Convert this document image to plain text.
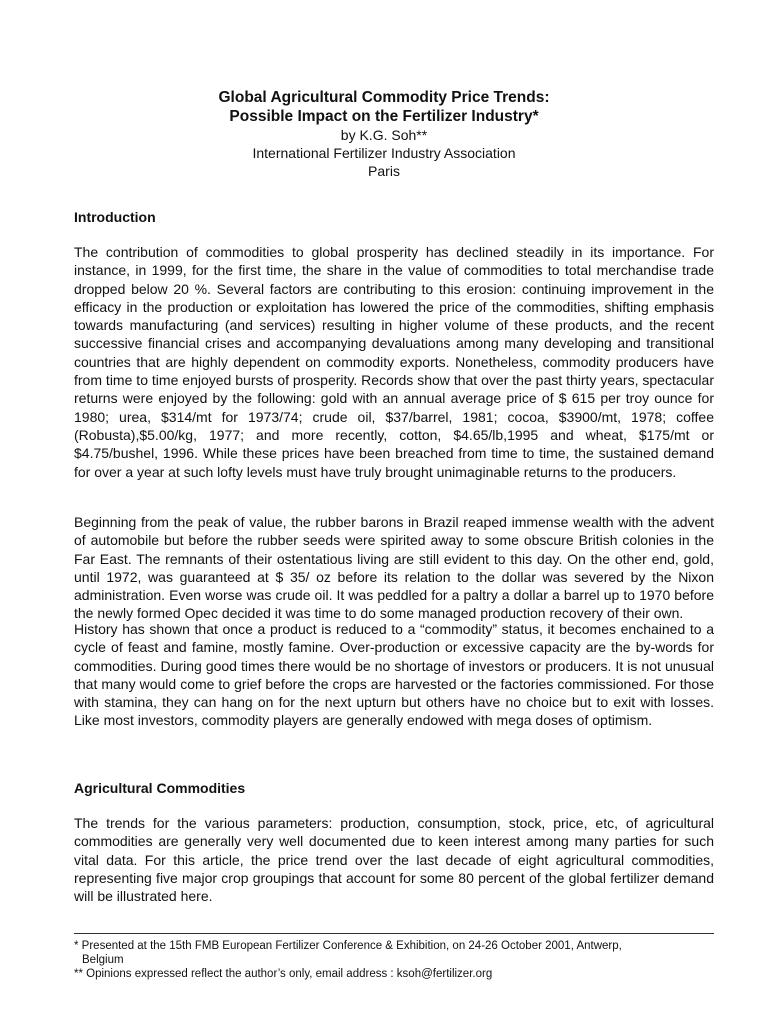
Global Agricultural Commodity Price Trends:
Possible Impact on the Fertilizer Industry*
by K.G. Soh**
International Fertilizer Industry Association
Paris
Introduction

The contribution of commodities to global prosperity has declined steadily in its importance. For instance, in 1999, for the first time, the share in the value of commodities to total merchandise trade dropped below 20 %. Several factors are contributing to this erosion: continuing improvement in the efficacy in the production or exploitation has lowered the price of the commodities, shifting emphasis towards manufacturing (and services) resulting in higher volume of these products, and the recent successive financial crises and accompanying devaluations among many developing and transitional countries that are highly dependent on commodity exports. Nonetheless, commodity producers have from time to time enjoyed bursts of prosperity. Records show that over the past thirty years, spectacular returns were enjoyed by the following: gold with an annual average price of $ 615 per troy ounce for 1980; urea, $314/mt for 1973/74; crude oil, $37/barrel, 1981; cocoa, $3900/mt, 1978; coffee (Robusta),$5.00/kg, 1977; and more recently, cotton, $4.65/lb,1995 and wheat, $175/mt or $4.75/bushel, 1996. While these prices have been breached from time to time, the sustained demand for over a year at such lofty levels must have truly brought unimaginable returns to the producers.

Beginning from the peak of value, the rubber barons in Brazil reaped immense wealth with the advent of automobile but before the rubber seeds were spirited away to some obscure British colonies in the Far East. The remnants of their ostentatious living are still evident to this day. On the other end, gold, until 1972, was guaranteed at $ 35/ oz before its relation to the dollar was severed by the Nixon administration. Even worse was crude oil. It was peddled for a paltry a dollar a barrel up to 1970 before the newly formed Opec decided it was time to do some managed production recovery of their own.

History has shown that once a product is reduced to a “commodity” status, it becomes enchained to a cycle of feast and famine, mostly famine. Over-production or excessive capacity are the by-words for commodities. During good times there would be no shortage of investors or producers. It is not unusual that many would come to grief before the crops are harvested or the factories commissioned. For those with stamina, they can hang on for the next upturn but others have no choice but to exit with losses. Like most investors, commodity players are generally endowed with mega doses of optimism.

Agricultural Commodities

The trends for the various parameters: production, consumption, stock, price, etc, of agricultural commodities are generally very well documented due to keen interest among many parties for such vital data. For this article, the price trend over the last decade of eight agricultural commodities, representing five major crop groupings that account for some 80 percent of the global fertilizer demand will be illustrated here.

* Presented at the 15th FMB European Fertilizer Conference & Exhibition, on 24-26 October 2001, Antwerp,
Belgium
** Opinions expressed reflect the author’s only, email address : ksoh@fertilizer.org
